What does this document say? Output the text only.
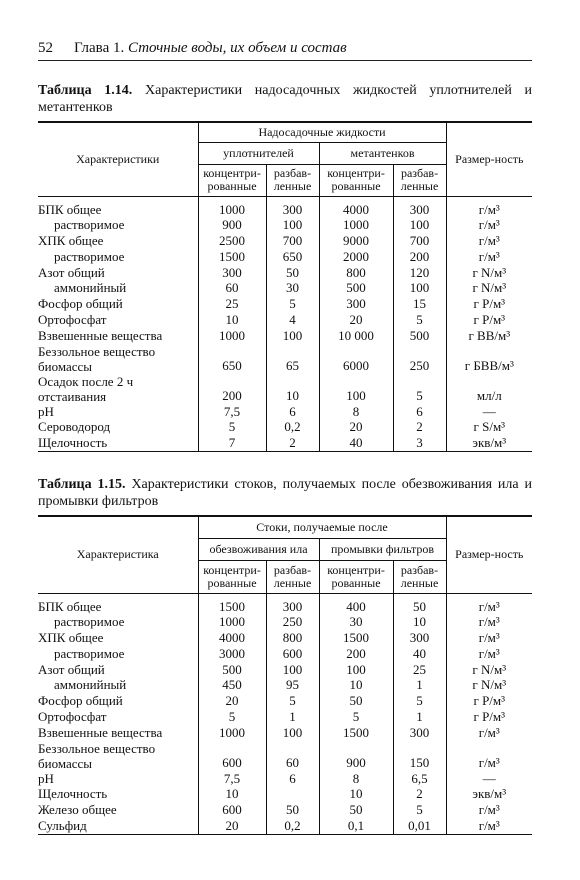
52 Глава 1. Сточные воды, их объем и состав
Таблица 1.14. Характеристики надосадочных жидкостей уплотнителей и метантенков
Характеристики	Надосадочные жидкости				Размер-ность
	уплотнителей		метантенков		
	концентри-рованные	разбав-ленные	концентри-рованные	разбав-ленные	

БПК общее	1000	300	4000	300	г/м³
растворимое	900	100	1000	100	г/м³
ХПК общее	2500	700	9000	700	г/м³
растворимое	1500	650	2000	200	г/м³
Азот общий	300	50	800	120	г N/м³
аммонийный	60	30	500	100	г N/м³
Фосфор общий	25	5	300	15	г P/м³
Ортофосфат	10	4	20	5	г P/м³
Взвешенные вещества	1000	100	10 000	500	г ВВ/м³
Беззольное вещество биомассы	650	65	6000	250	г БВВ/м³
Осадок после 2 ч отстаивания	200	10	100	5	мл/л
pH	7,5	6	8	6	—
Сероводород	5	0,2	20	2	г S/м³
Щелочность	7	2	40	3	экв/м³
Таблица 1.15. Характеристики стоков, получаемых после обезвоживания ила и промывки фильтров
Характеристика	Стоки, получаемые после				Размер-ность
	обезвоживания ила		промывки фильтров		
	концентри-рованные	разбав-ленные	концентри-рованные	разбав-ленные	

БПК общее	1500	300	400	50	г/м³
растворимое	1000	250	30	10	г/м³
ХПК общее	4000	800	1500	300	г/м³
растворимое	3000	600	200	40	г/м³
Азот общий	500	100	100	25	г N/м³
аммонийный	450	95	10	1	г N/м³
Фосфор общий	20	5	50	5	г P/м³
Ортофосфат	5	1	5	1	г P/м³
Взвешенные вещества	1000	100	1500	300	г/м³
Беззольное вещество биомассы	600	60	900	150	г/м³
pH	7,5	6	8	6,5	—
Щелочность	10		10	2	экв/м³
Железо общее	600	50	50	5	г/м³
Сульфид	20	0,2	0,1	0,01	г/м³
